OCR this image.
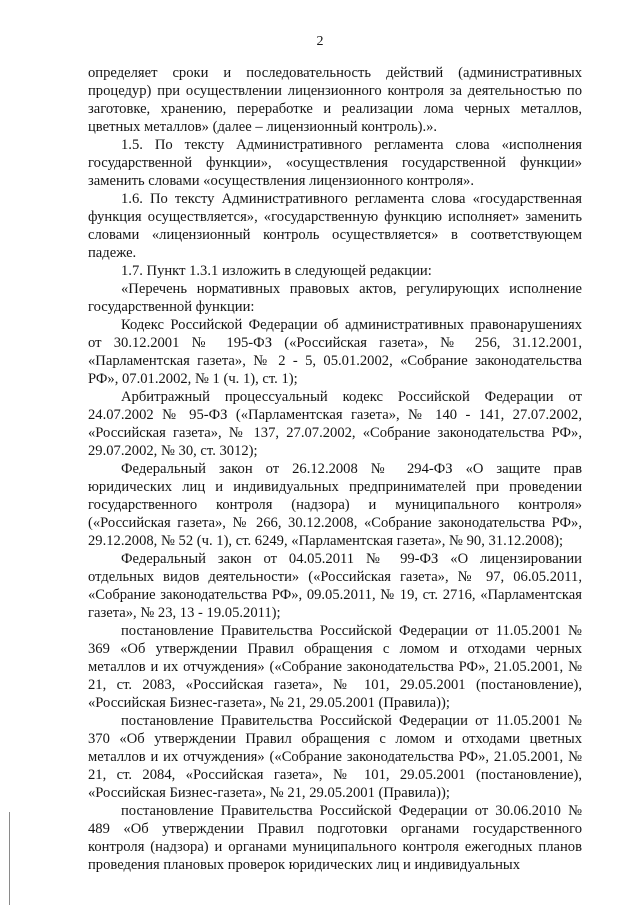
2

определяет сроки и последовательность действий (административных процедур) при осуществлении лицензионного контроля за деятельностью по заготовке, хранению, переработке и реализации лома черных металлов, цветных металлов» (далее – лицензионный контроль).».

1.5. По тексту Административного регламента слова «исполнения государственной функции», «осуществления государственной функции» заменить словами «осуществления лицензионного контроля».

1.6. По тексту Административного регламента слова «государственная функция осуществляется», «государственную функцию исполняет» заменить словами «лицензионный контроль осуществляется» в соответствующем падеже.

1.7. Пункт 1.3.1 изложить в следующей редакции:

«Перечень нормативных правовых актов, регулирующих исполнение государственной функции:

Кодекс Российской Федерации об административных правонарушениях от 30.12.2001 № 195-ФЗ («Российская газета», № 256, 31.12.2001, «Парламентская газета», № 2 - 5, 05.01.2002, «Собрание законодательства РФ», 07.01.2002, № 1 (ч. 1), ст. 1);

Арбитражный процессуальный кодекс Российской Федерации от 24.07.2002 № 95-ФЗ («Парламентская газета», № 140 - 141, 27.07.2002, «Российская газета», № 137, 27.07.2002, «Собрание законодательства РФ», 29.07.2002, № 30, ст. 3012);

Федеральный закон от 26.12.2008 № 294-ФЗ «О защите прав юридических лиц и индивидуальных предпринимателей при проведении государственного контроля (надзора) и муниципального контроля» («Российская газета», № 266, 30.12.2008, «Собрание законодательства РФ», 29.12.2008, № 52 (ч. 1), ст. 6249, «Парламентская газета», № 90, 31.12.2008);

Федеральный закон от 04.05.2011 № 99-ФЗ «О лицензировании отдельных видов деятельности» («Российская газета», № 97, 06.05.2011, «Собрание законодательства РФ», 09.05.2011, № 19, ст. 2716, «Парламентская газета», № 23, 13 - 19.05.2011);

постановление Правительства Российской Федерации от 11.05.2001 № 369 «Об утверждении Правил обращения с ломом и отходами черных металлов и их отчуждения» («Собрание законодательства РФ», 21.05.2001, № 21, ст. 2083, «Российская газета», № 101, 29.05.2001 (постановление), «Российская Бизнес-газета», № 21, 29.05.2001 (Правила));

постановление Правительства Российской Федерации от 11.05.2001 № 370 «Об утверждении Правил обращения с ломом и отходами цветных металлов и их отчуждения» («Собрание законодательства РФ», 21.05.2001, № 21, ст. 2084, «Российская газета», № 101, 29.05.2001 (постановление), «Российская Бизнес-газета», № 21, 29.05.2001 (Правила));

постановление Правительства Российской Федерации от 30.06.2010 № 489 «Об утверждении Правил подготовки органами государственного контроля (надзора) и органами муниципального контроля ежегодных планов проведения плановых проверок юридических лиц и индивидуальных
